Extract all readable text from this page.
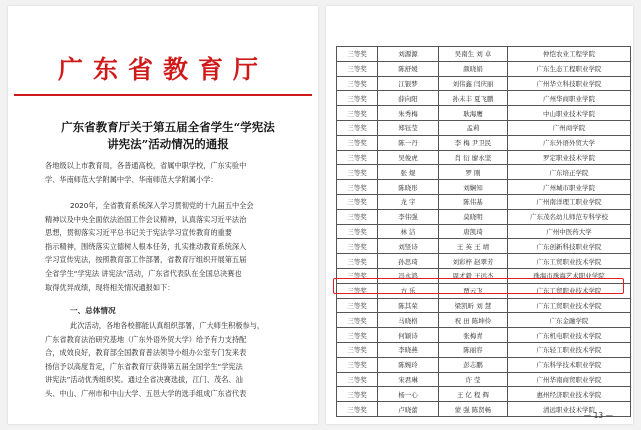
广东省教育厅
广东省教育厅关于第五届全省学生“学宪法
讲宪法”活动情况的通报
各地级以上市教育局，各普通高校，省属中职学校，广东实验中
学、华南师范大学附属中学、华南师范大学附属小学：
2020年，全省教育系统深入学习贯彻党的十九届五中全会
精神以及中央全面依法治国工作会议精神，认真落实习近平法治
思想，贯彻落实习近平总书记关于宪法学习宣传教育的重要
指示精神，围绕落实立德树人根本任务，扎实推动教育系统深入
学习宣传宪法，按照教育部工作部署，省教育厅组织开展第五届
全省学生“学宪法 讲宪法”活动，广东省代表队在全国总决赛也
取得优异成绩，现将相关情况通报如下：
一、总体情况
此次活动，各地各校都能认真组织部署，广大师生积极参与，
广东省教育法治研究基地（广东外语外贸大学）给予有力支持配
合，成效良好，教育部全国教育普法领导小组办公室专门发来表
扬信予以高度肯定，广东省教育厅获得第五届全国学生“学宪法
讲宪法”活动优秀组织奖。通过全省决赛选拔，江门、茂名、汕
头、中山、广州市和中山大学、五邑大学的选手组成广东省代表
三等奖	刘源源	吴南生 刘 卓	仲恺农业工程学院
三等奖	陈舒媛	颜晓娟	广东生态工程职业学院
三等奖	江银梦	刘伟鑫 闫庆丽	广州华立科技职业学院
三等奖	薛向阳	孙未丰 夏飞鹏	广州华商职业学院
三等奖	朱秀梅	耿海鹰	中山职业技术学院
三等奖	郑钰莹	孟莉	广州商学院
三等奖	陈一丹	李 梅 尹卫民	广东外语外贸大学
三等奖	吴俊虎	肖 衍 廖永坚	罗定职业技术学院
三等奖	张 煜	罗 刚	广东培正学院
三等奖	陈晓彤	刘娴知	广州城市职业学院
三等奖	龙 宇	陈伟基	广州南洋理工职业学院
三等奖	李伟强	莫晓明	广东茂名幼儿师范专科学校
三等奖	林 洁	唐凯琦	广州中医药大学
三等奖	刘竖诗	王 英 王 靖	广东创新科技职业学院
三等奖	孙思琦	刘彩梓 赵翠芳	广东工贸职业技术学院
三等奖	冯永鸿	周才毅 王远杰	珠海市珠海艺术职业学院
三等奖	方 乐	贾云飞	广东工贸职业技术学院
三等奖	陈其荣	梁凯昕 刘 慧	广东工贸职业技术学院
三等奖	马晓格	祝 田 陈坤伶	广东金融学院
三等奖	何颖诗	张梅青	广东机电职业技术学院
三等奖	李晓燕	陈丽容	广东轻工职业技术学院
三等奖	陈婉玲	彭志鹏	广东科学技术职业学院
三等奖	宋君琳	许 莹	广州华南商贸职业学院
三等奖	杨一心	王 亿 程 辉	惠州经济职业技术学院
三等奖	卢晓蕾	蒙 强 陈贤畅	清远职业技术学院
— 13 —
